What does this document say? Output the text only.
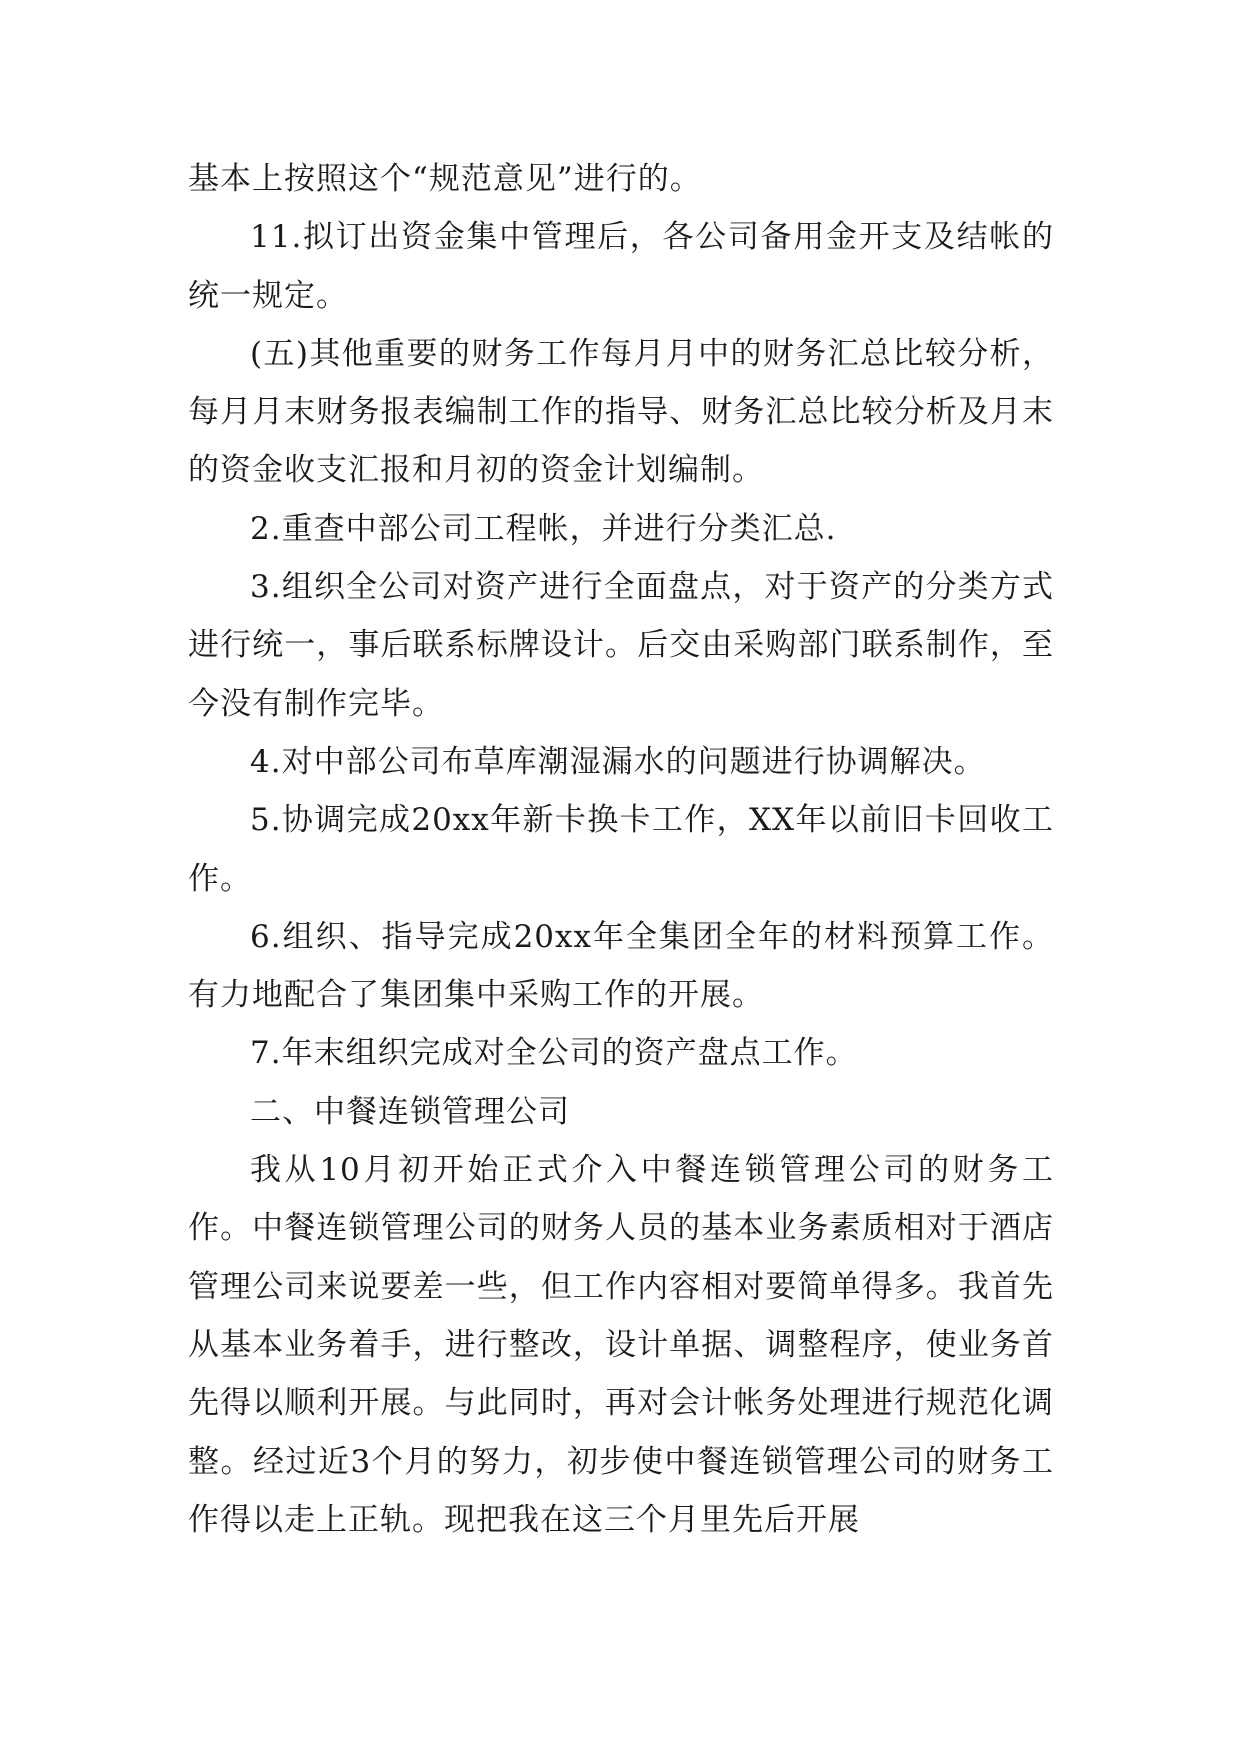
基本上按照这个“规范意见”进行的。

11.拟订出资金集中管理后，各公司备用金开支及结帐的统一规定。

(五)其他重要的财务工作每月月中的财务汇总比较分析，每月月末财务报表编制工作的指导、财务汇总比较分析及月末的资金收支汇报和月初的资金计划编制。

2.重查中部公司工程帐，并进行分类汇总.

3.组织全公司对资产进行全面盘点，对于资产的分类方式进行统一，事后联系标牌设计。后交由采购部门联系制作，至今没有制作完毕。

4.对中部公司布草库潮湿漏水的问题进行协调解决。

5.协调完成20xx年新卡换卡工作，XX年以前旧卡回收工作。

6.组织、指导完成20xx年全集团全年的材料预算工作。有力地配合了集团集中采购工作的开展。

7.年末组织完成对全公司的资产盘点工作。

二、中餐连锁管理公司

我从10月初开始正式介入中餐连锁管理公司的财务工作。中餐连锁管理公司的财务人员的基本业务素质相对于酒店管理公司来说要差一些，但工作内容相对要简单得多。我首先从基本业务着手，进行整改，设计单据、调整程序，使业务首先得以顺利开展。与此同时，再对会计帐务处理进行规范化调整。经过近3个月的努力，初步使中餐连锁管理公司的财务工作得以走上正轨。现把我在这三个月里先后开展
